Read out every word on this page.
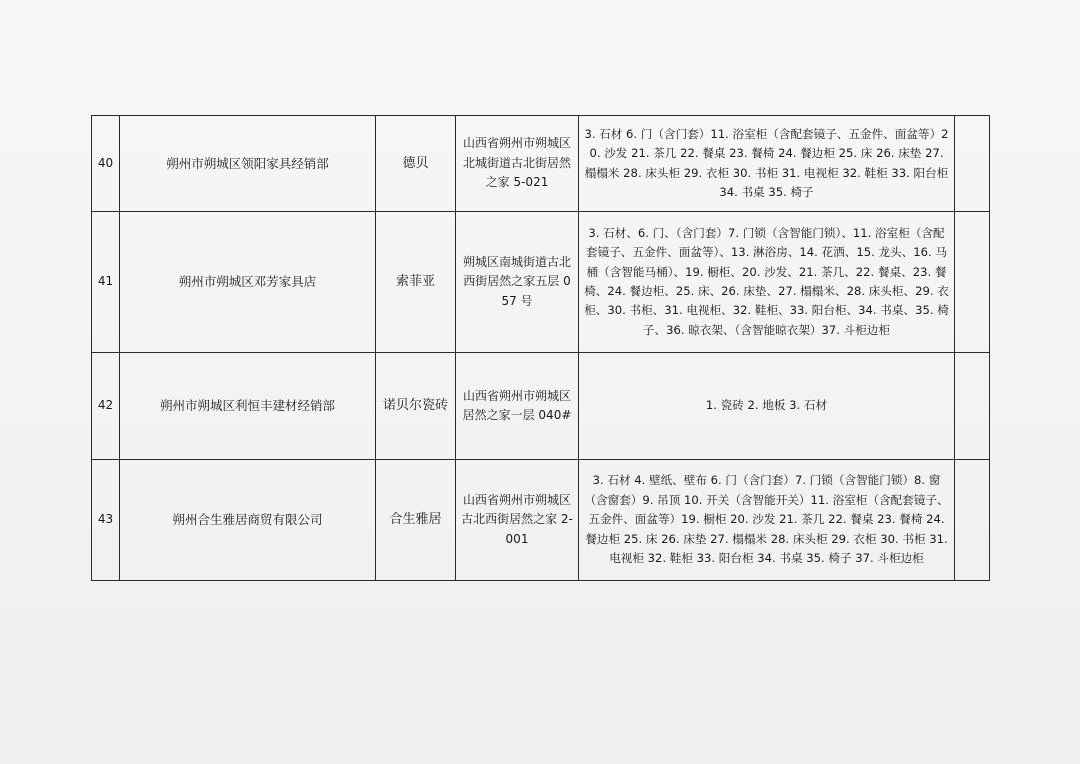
40	朔州市朔城区领阳家具经销部	德贝	山西省朔州市朔城区北城街道古北街居然之家 5-021	3. 石材 6. 门（含门套）11. 浴室柜（含配套镜子、五金件、面盆等）20. 沙发 21. 茶几 22. 餐桌 23. 餐椅 24. 餐边柜 25. 床 26. 床垫 27. 榻榻米 28. 床头柜 29. 衣柜 30. 书柜 31. 电视柜 32. 鞋柜 33. 阳台柜 34. 书桌 35. 椅子	
41	朔州市朔城区邓芳家具店	索菲亚	朔城区南城街道古北西街居然之家五层 057 号	3. 石材、6. 门、（含门套）7. 门锁（含智能门锁）、11. 浴室柜（含配套镜子、五金件、面盆等）、13. 淋浴房、14. 花洒、15. 龙头、16. 马桶（含智能马桶）、19. 橱柜、20. 沙发、21. 茶几、22. 餐桌、23. 餐椅、24. 餐边柜、25. 床、26. 床垫、27. 榻榻米、28. 床头柜、29. 衣柜、30. 书柜、31. 电视柜、32. 鞋柜、33. 阳台柜、34. 书桌、35. 椅子、36. 晾衣架、（含智能晾衣架）37. 斗柜边柜	
42	朔州市朔城区利恒丰建材经销部	诺贝尔瓷砖	山西省朔州市朔城区居然之家一层 040#	1. 瓷砖 2. 地板 3. 石材	
43	朔州合生雅居商贸有限公司	合生雅居	山西省朔州市朔城区古北西街居然之家 2-001	3. 石材 4. 壁纸、壁布 6. 门（含门套）7. 门锁（含智能门锁）8. 窗（含窗套）9. 吊顶 10. 开关（含智能开关）11. 浴室柜（含配套镜子、五金件、面盆等）19. 橱柜 20. 沙发 21. 茶几 22. 餐桌 23. 餐椅 24. 餐边柜 25. 床 26. 床垫 27. 榻榻米 28. 床头柜 29. 衣柜 30. 书柜 31. 电视柜 32. 鞋柜 33. 阳台柜 34. 书桌 35. 椅子 37. 斗柜边柜	
